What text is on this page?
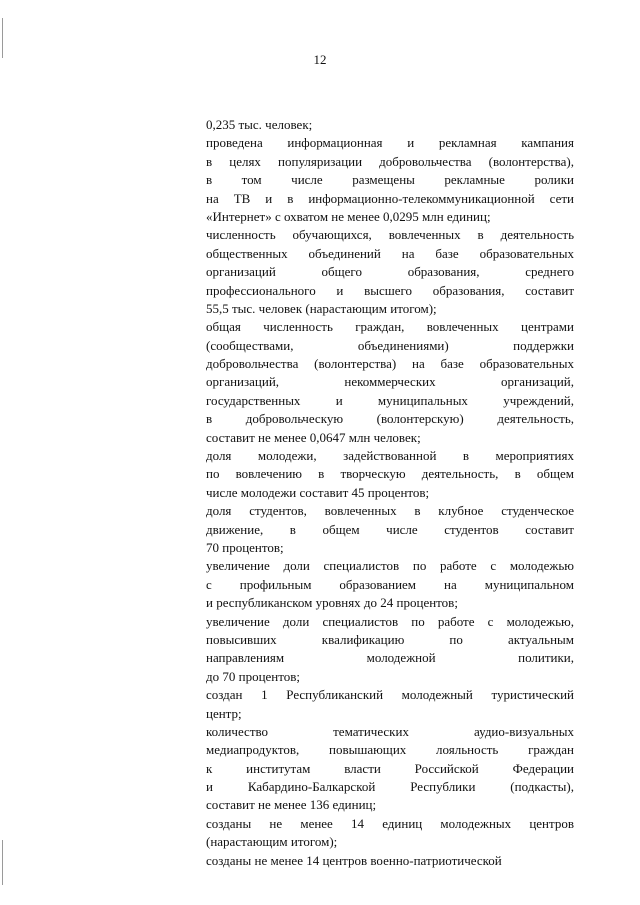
12
0,235 тыс. человек;
проведена информационная и рекламная кампания
в целях популяризации добровольчества (волонтерства),
в том числе размещены рекламные ролики
на ТВ и в информационно-телекоммуникационной сети
«Интернет» с охватом не менее 0,0295 млн единиц;
численность обучающихся, вовлеченных в деятельность
общественных объединений на базе образовательных
организаций общего образования, среднего
профессионального и высшего образования, составит
55,5 тыс. человек (нарастающим итогом);
общая численность граждан, вовлеченных центрами
(сообществами, объединениями) поддержки
добровольчества (волонтерства) на базе образовательных
организаций, некоммерческих организаций,
государственных и муниципальных учреждений,
в добровольческую (волонтерскую) деятельность,
составит не менее 0,0647 млн человек;
доля молодежи, задействованной в мероприятиях
по вовлечению в творческую деятельность, в общем
числе молодежи составит 45 процентов;
доля студентов, вовлеченных в клубное студенческое
движение, в общем числе студентов составит
70 процентов;
увеличение доли специалистов по работе с молодежью
с профильным образованием на муниципальном
и республиканском уровнях до 24 процентов;
увеличение доли специалистов по работе с молодежью,
повысивших квалификацию по актуальным
направлениям молодежной политики,
до 70 процентов;
создан 1 Республиканский молодежный туристический
центр;
количество тематических аудио-визуальных
медиапродуктов, повышающих лояльность граждан
к институтам власти Российской Федерации
и Кабардино-Балкарской Республики (подкасты),
составит не менее 136 единиц;
созданы не менее 14 единиц молодежных центров
(нарастающим итогом);
созданы не менее 14 центров военно-патриотической
